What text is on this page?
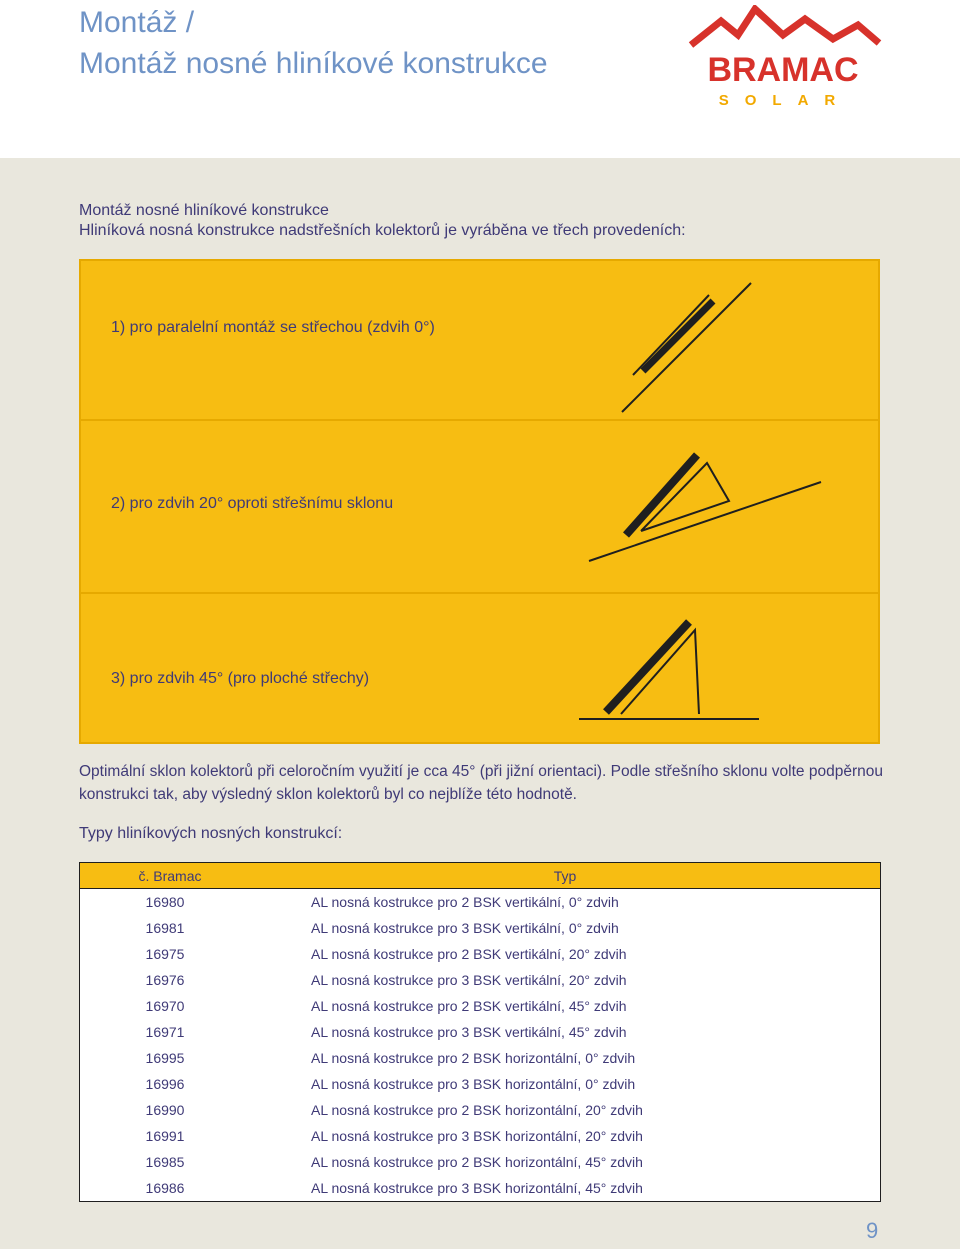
Montáž /
Montáž nosné hliníkové konstrukce	BRAMAC
SOLAR
Montáž nosné hliníkové konstrukce
Hliníková nosná konstrukce nadstřešních kolektorů je vyráběna ve třech provedeních:
1) pro paralelní montáž se střechou (zdvih 0°)
2) pro zdvih 20° oproti střešnímu sklonu
3) pro zdvih 45° (pro ploché střechy)
Optimální sklon kolektorů při celoročním využití je cca 45° (při jižní orientaci). Podle střešního sklonu volte podpěrnou konstrukci tak, aby výsledný sklon kolektorů byl co nejblíže této hodnotě.
Typy hliníkových nosných konstrukcí:
č. Bramac	Typ
16980	AL nosná kostrukce pro 2 BSK vertikální, 0° zdvih
16981	AL nosná kostrukce pro 3 BSK vertikální, 0° zdvih
16975	AL nosná kostrukce pro 2 BSK vertikální, 20° zdvih
16976	AL nosná kostrukce pro 3 BSK vertikální, 20° zdvih
16970	AL nosná kostrukce pro 2 BSK vertikální, 45° zdvih
16971	AL nosná kostrukce pro 3 BSK vertikální, 45° zdvih
16995	AL nosná kostrukce pro 2 BSK horizontální, 0° zdvih
16996	AL nosná kostrukce pro 3 BSK horizontální, 0° zdvih
16990	AL nosná kostrukce pro 2 BSK horizontální, 20° zdvih
16991	AL nosná kostrukce pro 3 BSK horizontální, 20° zdvih
16985	AL nosná kostrukce pro 2 BSK horizontální, 45° zdvih
16986	AL nosná kostrukce pro 3 BSK horizontální, 45° zdvih
9
